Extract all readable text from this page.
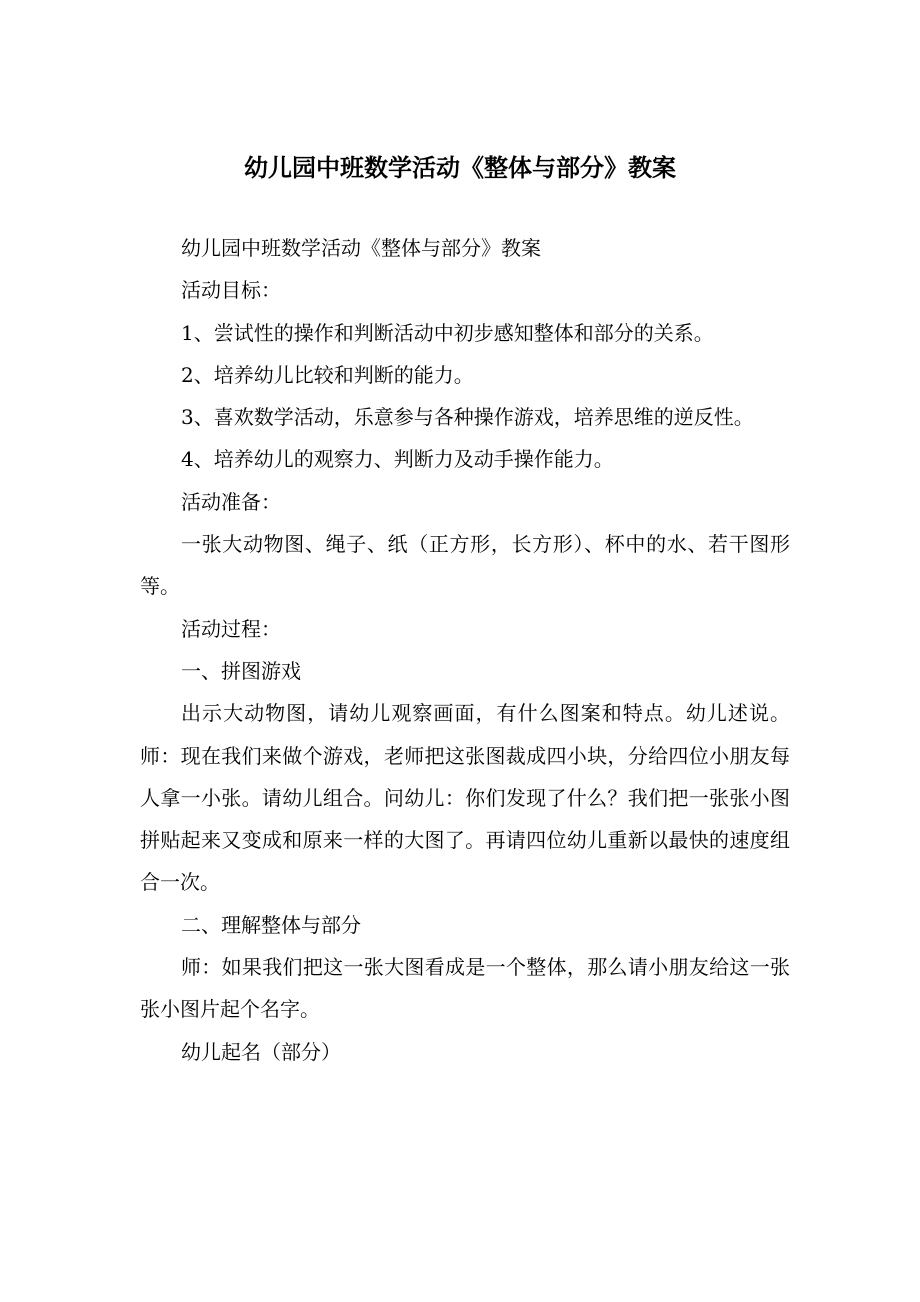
幼儿园中班数学活动《整体与部分》教案

幼儿园中班数学活动《整体与部分》教案

活动目标：

1、尝试性的操作和判断活动中初步感知整体和部分的关系。

2、培养幼儿比较和判断的能力。

3、喜欢数学活动，乐意参与各种操作游戏，培养思维的逆反性。

4、培养幼儿的观察力、判断力及动手操作能力。

活动准备：

一张大动物图、绳子、纸（正方形，长方形）、杯中的水、若干图形等。

活动过程：

一、拼图游戏

出示大动物图，请幼儿观察画面，有什么图案和特点。幼儿述说。师：现在我们来做个游戏，老师把这张图裁成四小块，分给四位小朋友每人拿一小张。请幼儿组合。问幼儿：你们发现了什么？我们把一张张小图拼贴起来又变成和原来一样的大图了。再请四位幼儿重新以最快的速度组合一次。

二、理解整体与部分

师：如果我们把这一张大图看成是一个整体，那么请小朋友给这一张张小图片起个名字。

幼儿起名（部分）
